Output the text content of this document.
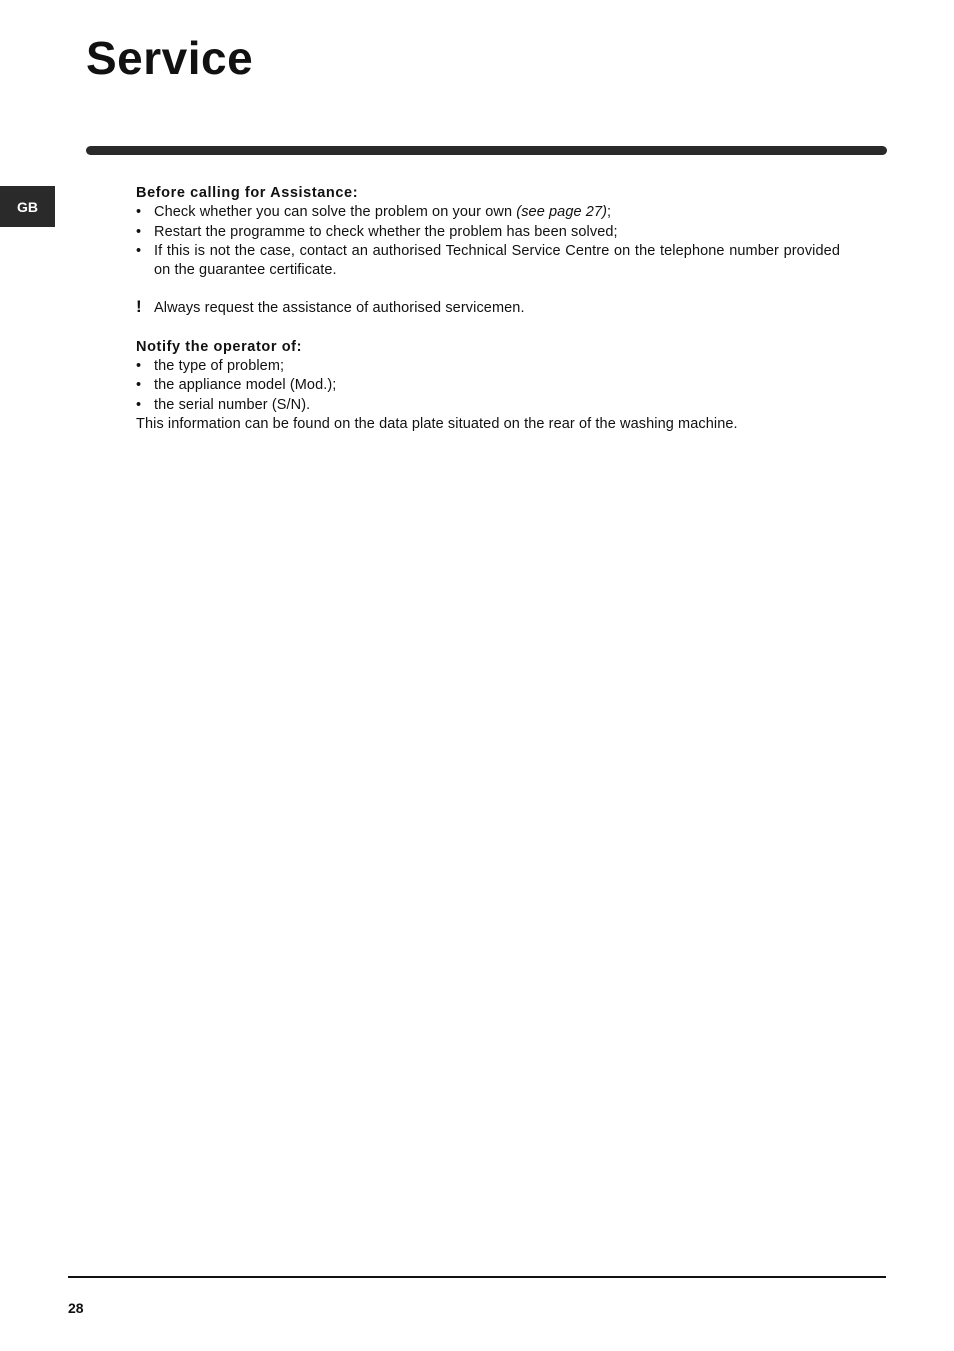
Service
GB
Before calling for Assistance:
• Check whether you can solve the problem on your own (see page 27);
• Restart the programme to check whether the problem has been solved;
• If this is not the case, contact an authorised Technical Service Centre on the telephone number provided on the guarantee certificate.
! Always request the assistance of authorised servicemen.
Notify the operator of:
• the type of problem;
• the appliance model (Mod.);
• the serial number (S/N).
This information can be found on the data plate situated on the rear of the washing machine.
28
